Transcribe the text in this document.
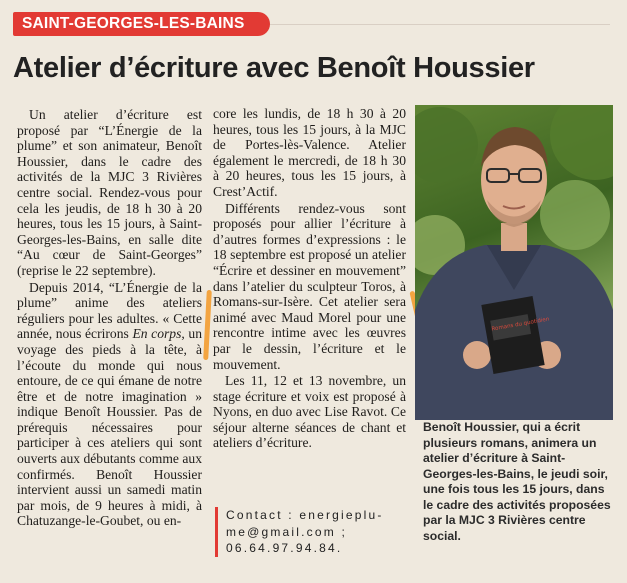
SAINT-GEORGES-LES-BAINS
Atelier d’écriture avec Benoît Houssier

Un atelier d’écriture est proposé par “L’Énergie de la plume” et son animateur, Benoît Houssier, dans le cadre des activités de la MJC 3 Rivières centre social. Rendez-vous pour cela les jeudis, de 18 h 30 à 20 heures, tous les 15 jours, à Saint-Georges-les-Bains, en salle dite “Au cœur de Saint-Georges” (reprise le 22 septembre).

Depuis 2014, “L’Énergie de la plume” anime des ateliers réguliers pour les adultes. « Cette année, nous écrirons En corps, un voyage des pieds à la tête, à l’écoute du monde qui nous entoure, de ce qui émane de notre être et de notre imagination » indique Benoît Houssier. Pas de prérequis nécessaires pour participer à ces ateliers qui sont ouverts aux débutants comme aux confirmés. Benoît Houssier intervient aussi un samedi matin par mois, de 9 heures à midi, à Chatuzange-le-Goubet, ou en-

core les lundis, de 18 h 30 à 20 heures, tous les 15 jours, à la MJC de Portes-lès-Valence. Atelier également le mercredi, de 18 h 30 à 20 heures, tous les 15 jours, à Crest’Actif.

Différents rendez-vous sont proposés pour allier l’écriture à d’autres formes d’expressions : le 18 septembre est proposé un atelier “Écrire et dessiner en mouvement” dans l’atelier du sculpteur Toros, à Romans-sur-Isère. Cet atelier sera animé avec Maud Morel pour une rencontre intime avec les œuvres par le dessin, l’écriture et le mouvement.

Les 11, 12 et 13 novembre, un stage écriture et voix est proposé à Nyons, en duo avec Lise Ravot. Ce séjour alterne séances de chant et ateliers d’écriture.

Contact : energieplu-
me@gmail.com ;
06.64.97.94.84.
Romans du quotidien

Benoît Houssier, qui a écrit plusieurs romans, animera un atelier d’écriture à Saint-Georges-les-Bains, le jeudi soir, une fois tous les 15 jours, dans le cadre des activités proposées par la MJC 3 Rivières centre social.
